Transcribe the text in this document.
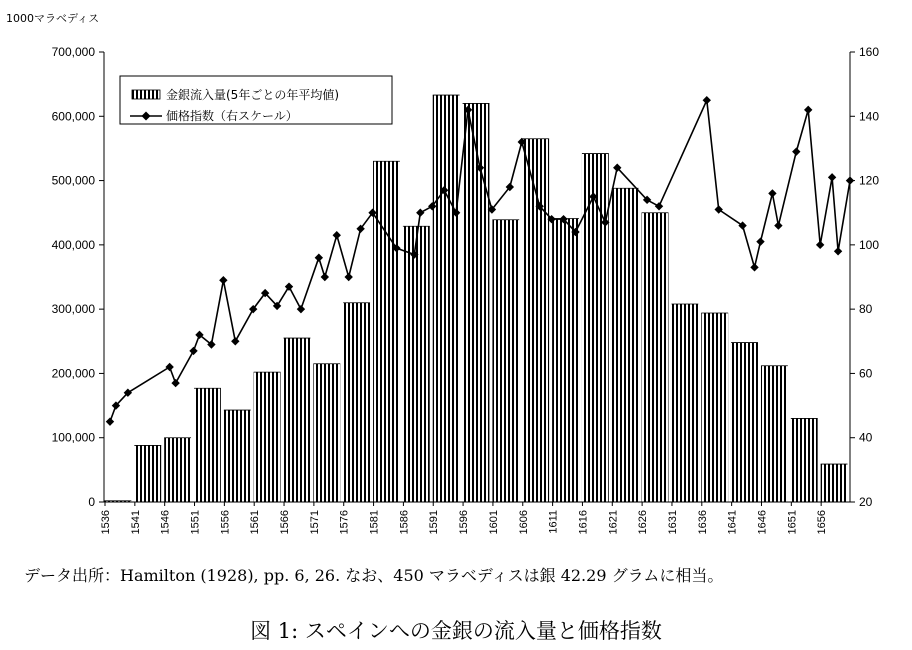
1000マラベディス
0
100,000
200,000
300,000
400,000
500,000
600,000
700,000
20
40
60
80
100
120
140
160
1536 1541 1546 1551 1556 1561 1566 1571 1576 1581 1586 1591 1596 1601 1606 1611 1616 1621 1626 1631 1636 1641 1646 1651 1656
金銀流入量(5年ごとの年平均値)
価格指数（右スケール）
データ出所：Hamilton (1928), pp. 6, 26. なお、450 マラベディスは銀 42.29 グラムに相当。
図 1: スペインへの金銀の流入量と価格指数
